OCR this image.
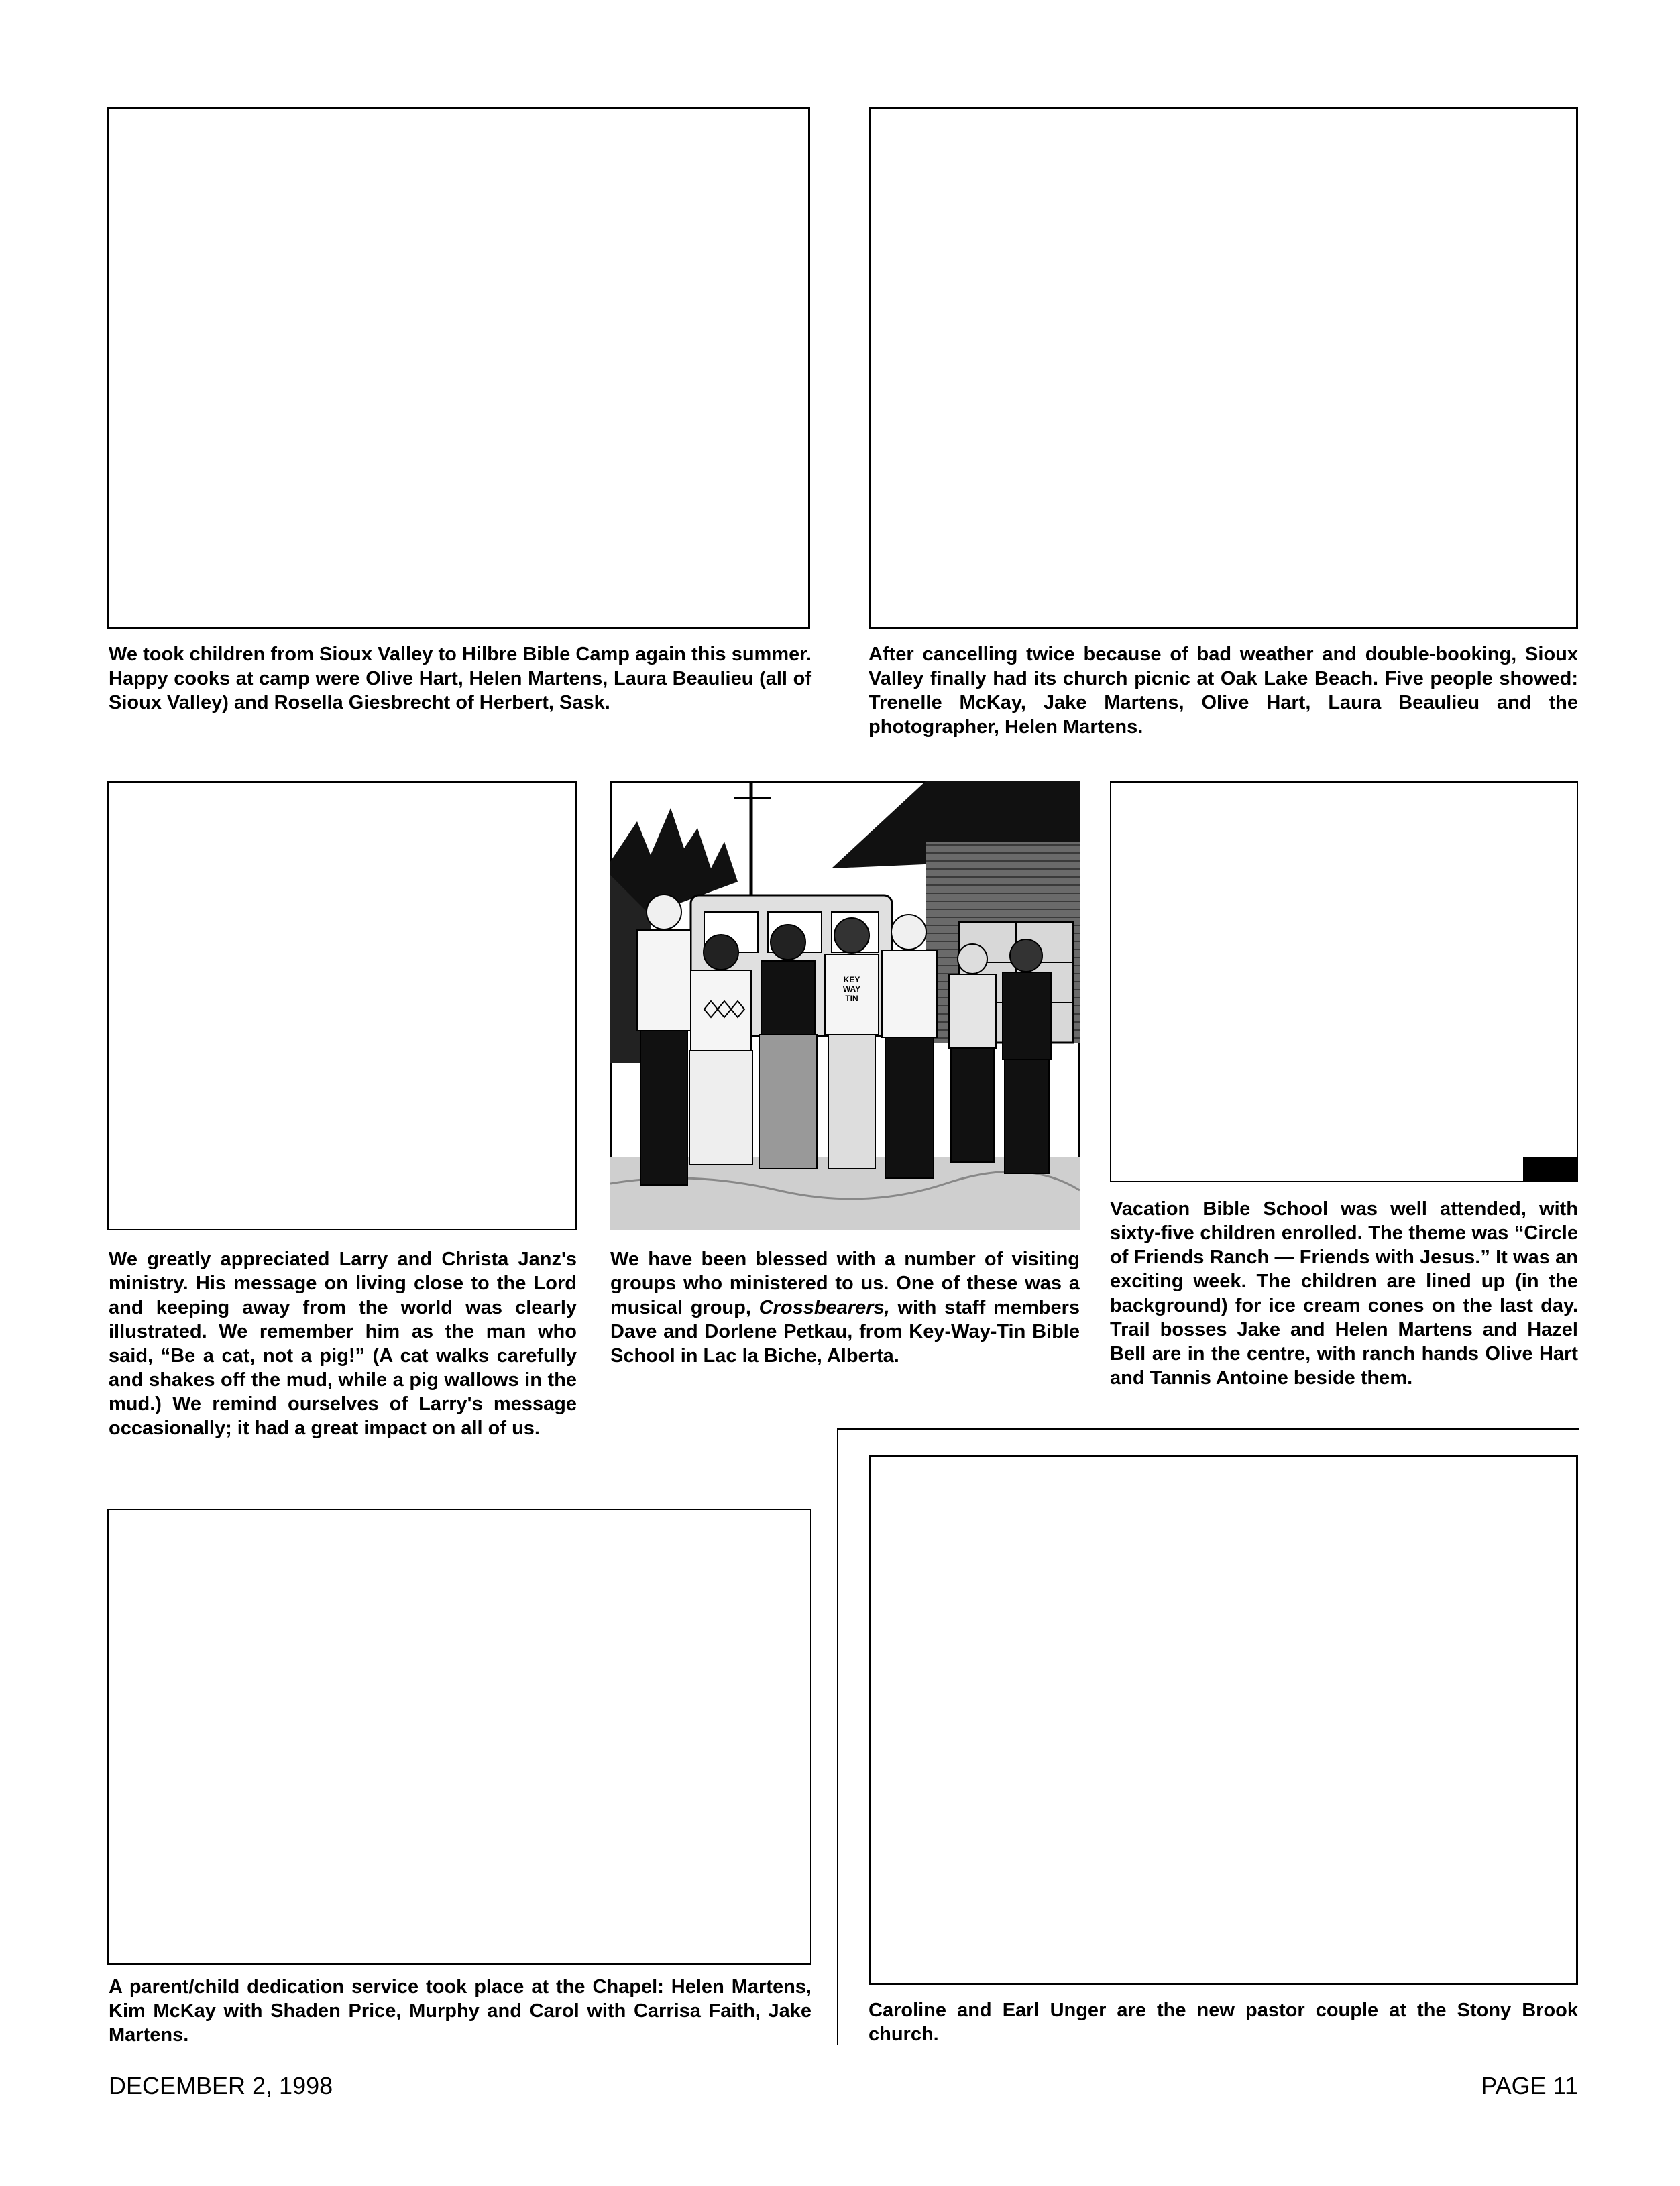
We took children from Sioux Valley to Hilbre Bible Camp again this summer. Happy cooks at camp were Olive Hart, Helen Martens, Laura Beaulieu (all of Sioux Valley) and Rosella Giesbrecht of Herbert, Sask.

After cancelling twice because of bad weather and double-booking, Sioux Valley finally had its church picnic at Oak Lake Beach. Five people showed: Trenelle McKay, Jake Martens, Olive Hart, Laura Beaulieu and the photographer, Helen Martens.

We greatly appreciated Larry and Christa Janz's ministry. His message on living close to the Lord and keeping away from the world was clearly illustrated. We remember him as the man who said, “Be a cat, not a pig!” (A cat walks carefully and shakes off the mud, while a pig wallows in the mud.) We remind ourselves of Larry's message occasionally; it had a great impact on all of us.

KEY
WAY
TIN

We have been blessed with a number of visiting groups who ministered to us. One of these was a musical group, Crossbearers, with staff members Dave and Dorlene Petkau, from Key-Way-Tin Bible School in Lac la Biche, Alberta.

Vacation Bible School was well attended, with sixty-five children enrolled. The theme was “Circle of Friends Ranch — Friends with Jesus.” It was an exciting week. The children are lined up (in the background) for ice cream cones on the last day. Trail bosses Jake and Helen Martens and Hazel Bell are in the centre, with ranch hands Olive Hart and Tannis Antoine beside them.

A parent/child dedication service took place at the Chapel: Helen Martens, Kim McKay with Shaden Price, Murphy and Carol with Carrisa Faith, Jake Martens.

Caroline and Earl Unger are the new pastor couple at the Stony Brook church.

DECEMBER 2, 1998	PAGE 11
